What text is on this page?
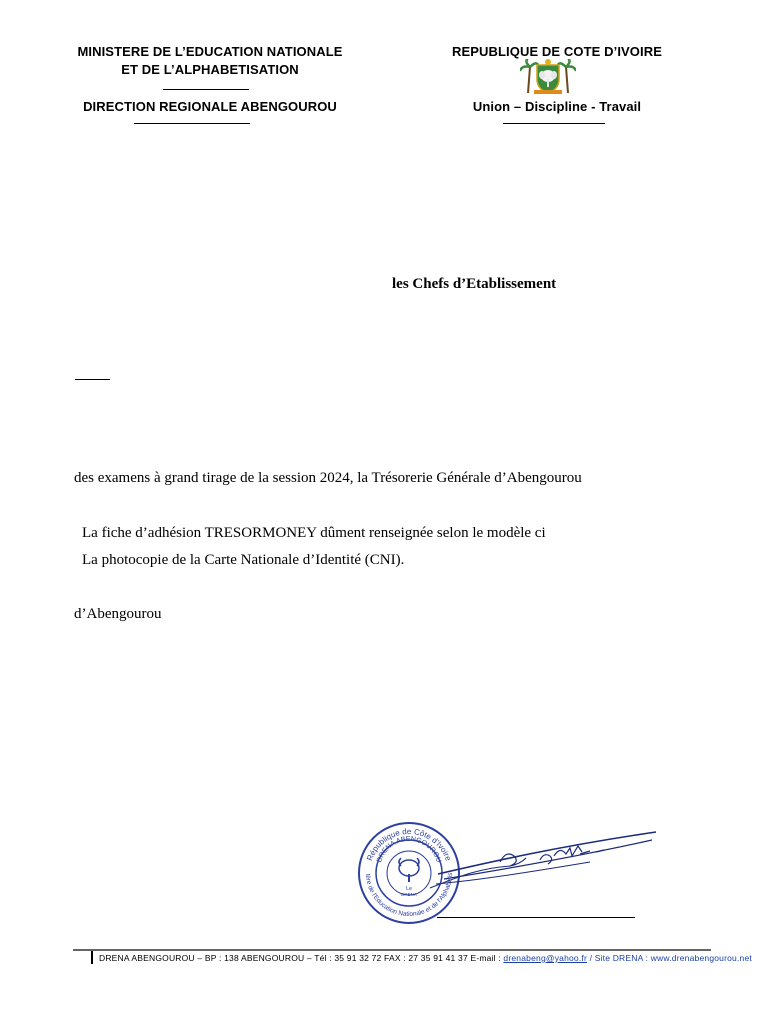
MINISTERE DE L’EDUCATION NATIONALE
ET DE L’ALPHABETISATION
DIRECTION REGIONALE ABENGOUROU
REPUBLIQUE DE COTE D’IVOIRE
Union – Discipline - Travail
les Chefs d’Etablissement
des examens à grand tirage de la session 2024, la Trésorerie Générale d’Abengourou
La fiche d’adhésion TRESORMONEY dûment renseignée selon le modèle ci
La photocopie de la Carte Nationale d’Identité (CNI).
d’Abengourou
République de Côte d'Ivoire
DRENA ABENGOUROU
tère de l'Education Nationale et de l'Alphabétis
Le
DRENA
DRENA ABENGOUROU – BP : 138 ABENGOUROU – Tél : 35 91 32 72 FAX : 27 35 91 41 37 E-mail : drenabeng@yahoo.fr / Site DRENA : www.drenabengourou.net
